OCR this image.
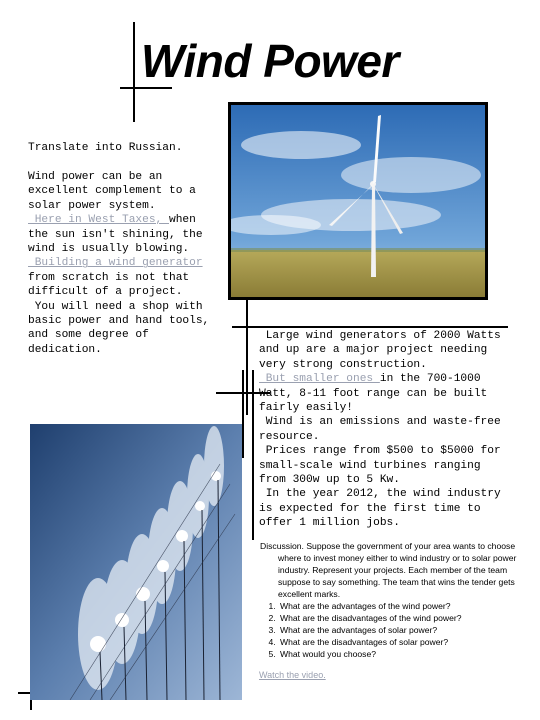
Wind Power
Translate into Russian.
Wind power can be an
excellent complement to a
solar power system.
Here in West Taxes, when
the sun isn't shining, the
wind is usually blowing.
Building a wind generator
from scratch is not that
difficult of a project.
You will need a shop with
basic power and hand tools,
and some degree of
dedication.
Large wind generators of 2000 Watts
and up are a major project needing
very strong construction.
But smaller ones in the 700-1000
Watt, 8-11 foot range can be built
fairly easily!
Wind is an emissions and waste-free
resource.
Prices range from $500 to $5000 for
small-scale wind turbines ranging
from 300w up to 5 Kw.
In the year 2012, the wind industry
is expected for the first time to
offer 1 million jobs.

Discussion. Suppose the government of your area wants to choose where to invest money either to wind industry or to solar power industry. Represent your projects. Each member of the team suppose to say something. The team that wins the tender gets excellent marks.

1. What are the advantages of the wind power?
2. What are the disadvantages of the wind power?
3. What are the advantages of solar power?
4. What are the disadvantages of solar power?
5. What would you choose?
Watch the video.
